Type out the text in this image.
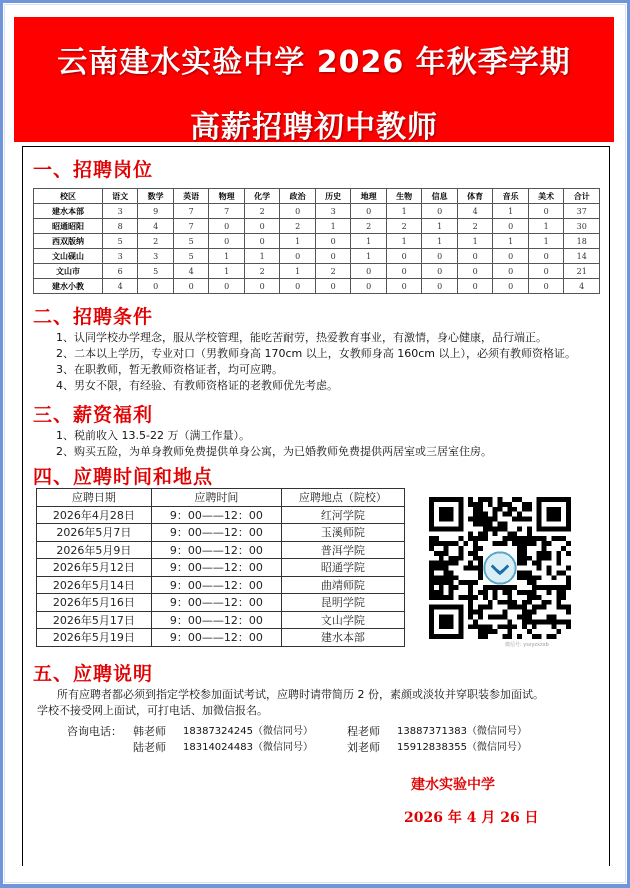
云南建水实验中学 2026 年秋季学期
高薪招聘初中教师
一、招聘岗位
校区	语文	数学	英语	物理	化学	政治	历史	地理	生物	信息	体育	音乐	美术	合计
建水本部	3	9	7	7	2	0	3	0	1	0	4	1	0	37
昭通昭阳	8	4	7	0	0	2	1	2	2	1	2	0	1	30
西双版纳	5	2	5	0	0	1	0	1	1	1	1	1	1	18
文山砚山	3	3	5	1	1	0	0	1	0	0	0	0	0	14
文山市	6	5	4	1	2	1	2	0	0	0	0	0	0	21
建水小教	4	0	0	0	0	0	0	0	0	0	0	0	0	4
二、招聘条件
1、认同学校办学理念，服从学校管理，能吃苦耐劳，热爱教育事业，有激情，身心健康，品行端正。
2、二本以上学历，专业对口（男教师身高 170cm 以上，女教师身高 160cm 以上），必须有教师资格证。
3、在职教师，暂无教师资格证者，均可应聘。
4、男女不限，有经验、有教师资格证的老教师优先考虑。
三、薪资福利
1、税前收入 13.5-22 万（满工作量）。
2、购买五险，为单身教师免费提供单身公寓，为已婚教师免费提供两居室或三居室住房。
四、应聘时间和地点
应聘日期	应聘时间	应聘地点（院校）
2026年4月28日	9：00——12：00	红河学院
2026年5月7日	9：00——12：00	玉溪师院
2026年5月9日	9：00——12：00	普洱学院
2026年5月12日	9：00——12：00	昭通学院
2026年5月14日	9：00——12：00	曲靖师院
2026年5月16日	9：00——12：00	昆明学院
2026年5月17日	9：00——12：00	文山学院
2026年5月19日	9：00——12：00	建水本部
微信号: yssyzxzxb
五、应聘说明
所有应聘者都必须到指定学校参加面试考试，应聘时请带简历 2 份，素颜或淡妆并穿职装参加面试。
学校不接受网上面试，可打电话、加微信报名。
咨询电话：	韩老师	18387324245（微信同号）	程老师	13887371383（微信同号）
陆老师	18314024483（微信同号）	刘老师	15912838355（微信同号）
建水实验中学
2026 年 4 月 26 日
